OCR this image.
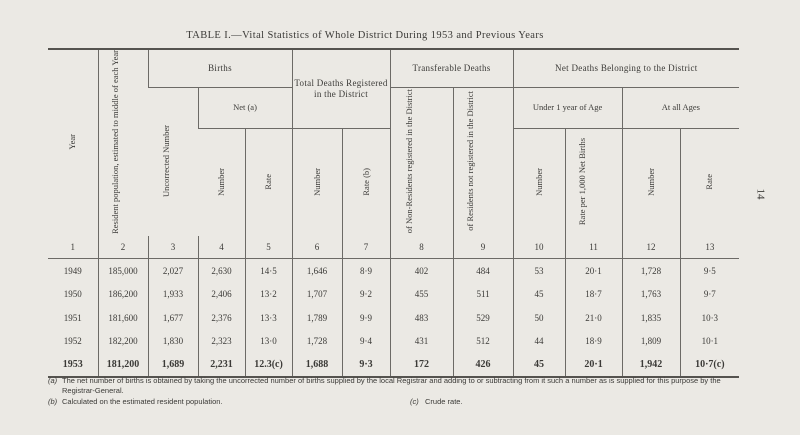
TABLE I.—Vital Statistics of Whole District During 1953 and Previous Years
14
Year	Resident population, estimated to middle of each Year	Births			Total Deaths Registered in the District		Transferable Deaths		Net Deaths Belonging to the District			
		Uncorrected Number	Net (a)				of Non-Residents registered in the District	of Residents not registered in the District	Under 1 year of Age		At all Ages	
			Number	Rate	Number	Rate (b)			Number	Rate per 1,000 Net Births	Number	Rate
1	2	3	4	5	6	7	8	9	10	11	12	13
1949	185,000	2,027	2,630	14·5	1,646	8·9	402	484	53	20·1	1,728	9·5
1950	186,200	1,933	2,406	13·2	1,707	9·2	455	511	45	18·7	1,763	9·7
1951	181,600	1,677	2,376	13·3	1,789	9·9	483	529	50	21·0	1,835	10·3
1952	182,200	1,830	2,323	13·0	1,728	9·4	431	512	44	18·9	1,809	10·1
1953	181,200	1,689	2,231	12.3(c)	1,688	9·3	172	426	45	20·1	1,942	10·7(c)
(a) The net number of births is obtained by taking the uncorrected number of births supplied by the local Registrar and adding to or subtracting from it such a number as is supplied for this purpose by the Registrar-General.
(b) Calculated on the estimated resident population.	(c) Crude rate.
